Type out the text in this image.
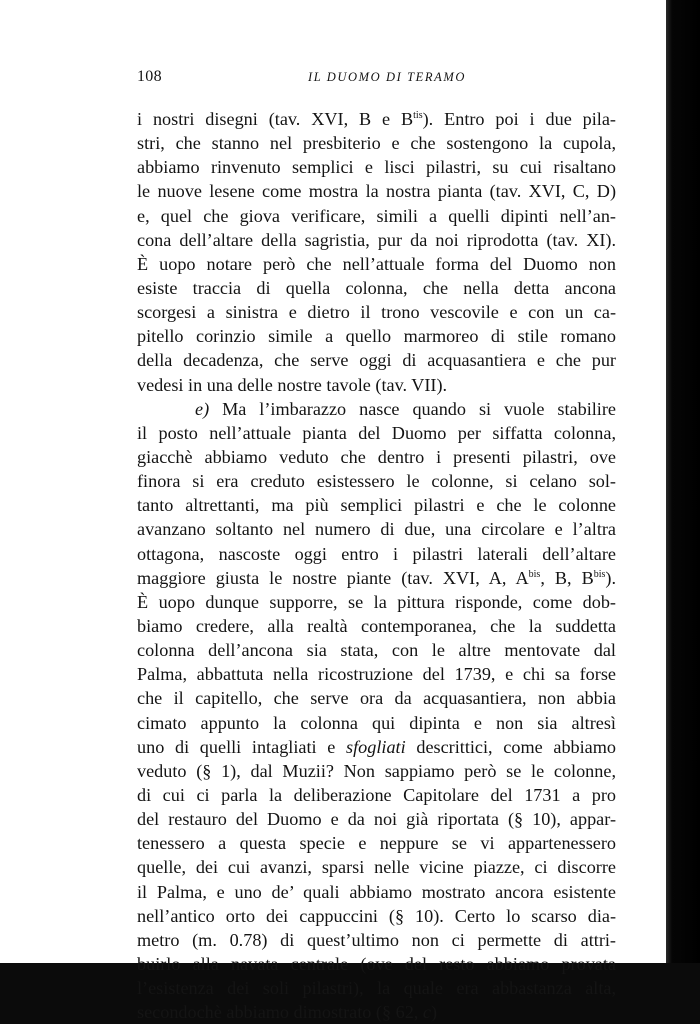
108	IL DUOMO DI TERAMO
i nostri disegni (tav. XVI, B e $B^{tis}$). Entro poi i due pila-
stri, che stanno nel presbiterio e che sostengono la cupola,
abbiamo rinvenuto semplici e lisci pilastri, su cui risaltano
le nuove lesene come mostra la nostra pianta (tav. XVI, C, D)
e, quel che giova verificare, simili a quelli dipinti nell’an-
cona dell’altare della sagristia, pur da noi riprodotta (tav. XI).
È uopo notare però che nell’attuale forma del Duomo non
esiste traccia di quella colonna, che nella detta ancona
scorgesi a sinistra e dietro il trono vescovile e con un ca-
pitello corinzio simile a quello marmoreo di stile romano
della decadenza, che serve oggi di acquasantiera e che pur
vedesi in una delle nostre tavole (tav. VII).
e) Ma l’imbarazzo nasce quando si vuole stabilire
il posto nell’attuale pianta del Duomo per siffatta colonna,
giacchè abbiamo veduto che dentro i presenti pilastri, ove
finora si era creduto esistessero le colonne, si celano sol-
tanto altrettanti, ma più semplici pilastri e che le colonne
avanzano soltanto nel numero di due, una circolare e l’altra
ottagona, nascoste oggi entro i pilastri laterali dell’altare
maggiore giusta le nostre piante (tav. XVI, A, $A^{bis}$, B, $B^{bis}$).
È uopo dunque supporre, se la pittura risponde, come dob-
biamo credere, alla realtà contemporanea, che la suddetta
colonna dell’ancona sia stata, con le altre mentovate dal
Palma, abbattuta nella ricostruzione del 1739, e chi sa forse
che il capitello, che serve ora da acquasantiera, non abbia
cimato appunto la colonna qui dipinta e non sia altresì
uno di quelli intagliati e sfogliati descrittici, come abbiamo
veduto (§ 1), dal Muzii? Non sappiamo però se le colonne,
di cui ci parla la deliberazione Capitolare del 1731 a pro
del restauro del Duomo e da noi già riportata (§ 10), appar-
tenessero a questa specie e neppure se vi appartenessero
quelle, dei cui avanzi, sparsi nelle vicine piazze, ci discorre
il Palma, e uno de’ quali abbiamo mostrato ancora esistente
nell’antico orto dei cappuccini (§ 10). Certo lo scarso dia-
metro (m. 0.78) di quest’ultimo non ci permette di attri-
buirlo alla navata centrale (ove del resto abbiamo provata
l’esistenza dei soli pilastri), la quale era abbastanza alta,
secondochè abbiamo dimostrato (§ 62, c)
